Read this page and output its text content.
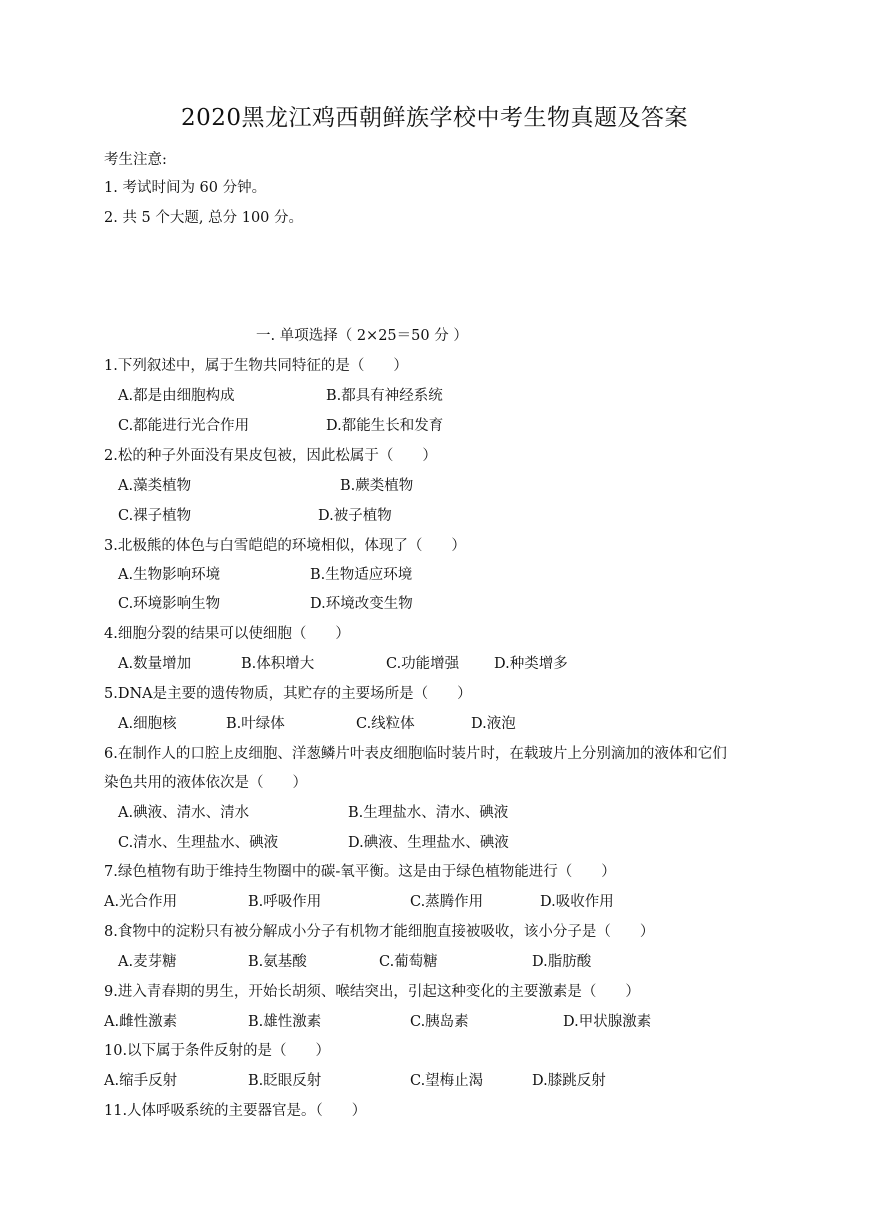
2020黑龙江鸡西朝鲜族学校中考生物真题及答案
考生注意:
1. 考试时间为 60 分钟。
2. 共 5 个大题, 总分 100 分。
一. 单项选择（ 2×25＝50 分 ）
1.下列叙述中，属于生物共同特征的是（　　）
A.都是由细胞构成	B.都具有神经系统
C.都能进行光合作用	D.都能生长和发育
2.松的种子外面没有果皮包被，因此松属于（　　）
A.藻类植物	B.蕨类植物
C.裸子植物	D.被子植物
3.北极熊的体色与白雪皑皑的环境相似，体现了（　　）
A.生物影响环境	B.生物适应环境
C.环境影响生物	D.环境改变生物
4.细胞分裂的结果可以使细胞（　　）
A.数量增加	B.体积增大	C.功能增强 D.种类增多
5.DNA是主要的遗传物质，其贮存的主要场所是（　　）
A.细胞核	B.叶绿体	C.线粒体	D.液泡
6.在制作人的口腔上皮细胞、洋葱鳞片叶表皮细胞临时装片时，在载玻片上分别滴加的液体和它们
染色共用的液体依次是（　　）
A.碘液、清水、清水	B.生理盐水、清水、碘液
C.清水、生理盐水、碘液	D.碘液、生理盐水、碘液
7.绿色植物有助于维持生物圈中的碳-氧平衡。这是由于绿色植物能进行（　　）
A.光合作用	B.呼吸作用	C.蒸腾作用	D.吸收作用
8.食物中的淀粉只有被分解成小分子有机物才能细胞直接被吸收，该小分子是（　　）
A.麦芽糖	B.氨基酸	C.葡萄糖	D.脂肪酸
9.进入青春期的男生，开始长胡须、喉结突出，引起这种变化的主要激素是（　　）
A.雌性激素	B.雄性激素	C.胰岛素	D.甲状腺激素
10.以下属于条件反射的是（　　）
A.缩手反射	B.眨眼反射	C.望梅止渴	D.膝跳反射
11.人体呼吸系统的主要器官是。（　　）
